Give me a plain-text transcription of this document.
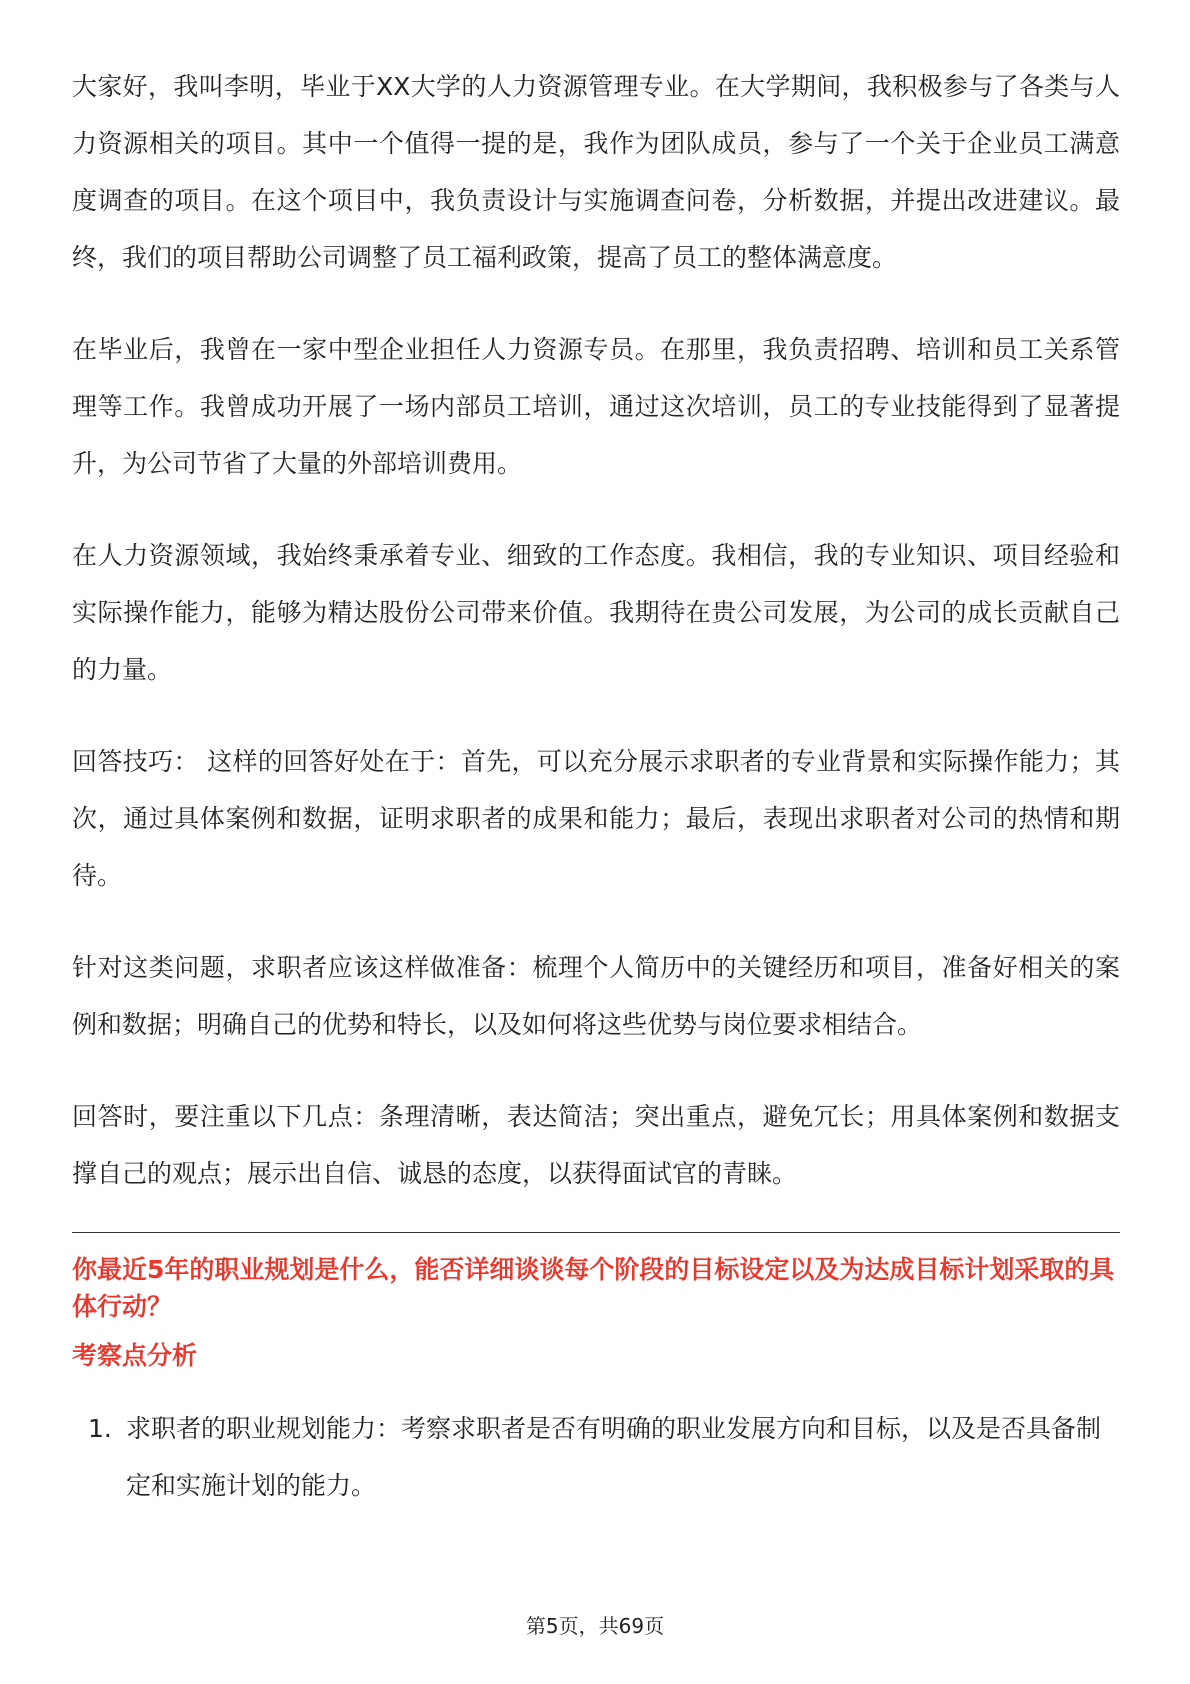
大家好，我叫李明，毕业于XX大学的人力资源管理专业。在大学期间，我积极参与了各类与人力资源相关的项目。其中一个值得一提的是，我作为团队成员，参与了一个关于企业员工满意度调查的项目。在这个项目中，我负责设计与实施调查问卷，分析数据，并提出改进建议。最终，我们的项目帮助公司调整了员工福利政策，提高了员工的整体满意度。

在毕业后，我曾在一家中型企业担任人力资源专员。在那里，我负责招聘、培训和员工关系管理等工作。我曾成功开展了一场内部员工培训，通过这次培训，员工的专业技能得到了显著提升，为公司节省了大量的外部培训费用。

在人力资源领域，我始终秉承着专业、细致的工作态度。我相信，我的专业知识、项目经验和实际操作能力，能够为精达股份公司带来价值。我期待在贵公司发展，为公司的成长贡献自己的力量。

回答技巧： 这样的回答好处在于：首先，可以充分展示求职者的专业背景和实际操作能力；其次，通过具体案例和数据，证明求职者的成果和能力；最后，表现出求职者对公司的热情和期待。

针对这类问题，求职者应该这样做准备：梳理个人简历中的关键经历和项目，准备好相关的案例和数据；明确自己的优势和特长，以及如何将这些优势与岗位要求相结合。

回答时，要注重以下几点：条理清晰，表达简洁；突出重点，避免冗长；用具体案例和数据支撑自己的观点；展示出自信、诚恳的态度，以获得面试官的青睐。

你最近5年的职业规划是什么，能否详细谈谈每个阶段的目标设定以及为达成目标计划采取的具体行动？
考察点分析
1. 求职者的职业规划能力：考察求职者是否有明确的职业发展方向和目标，以及是否具备制定和实施计划的能力。
第5页，共69页
